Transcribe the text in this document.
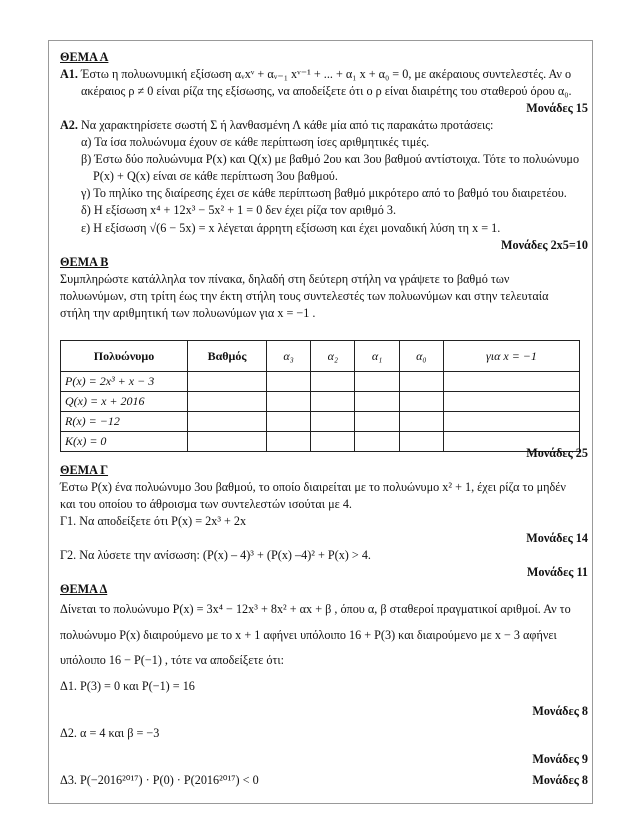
ΘΕΜΑ Α
Α1. Έστω η πολυωνυμική εξίσωση αᵥxᵛ + αᵥ₋₁ xᵛ⁻¹ + ... + α₁ x + α₀ = 0, με ακέραιους συντελεστές. Αν ο
ακέραιος ρ ≠ 0 είναι ρίζα της εξίσωσης, να αποδείξετε ότι ο ρ είναι διαιρέτης του σταθερού όρου α₀.
Μονάδες 15
Α2. Να χαρακτηρίσετε σωστή Σ ή λανθασμένη Λ κάθε μία από τις παρακάτω προτάσεις:
α) Τα ίσα πολυώνυμα έχουν σε κάθε περίπτωση ίσες αριθμητικές τιμές.
β) Έστω δύο πολυώνυμα P(x) και Q(x) με βαθμό 2ου και 3ου βαθμού αντίστοιχα. Τότε το πολυώνυμο
P(x) + Q(x) είναι σε κάθε περίπτωση 3ου βαθμού.
γ) Το πηλίκο της διαίρεσης έχει σε κάθε περίπτωση βαθμό μικρότερο από το βαθμό του διαιρετέου.
δ) Η εξίσωση x⁴ + 12x³ − 5x² + 1 = 0 δεν έχει ρίζα τον αριθμό 3.
ε) Η εξίσωση √(6 − 5x) = x λέγεται άρρητη εξίσωση και έχει μοναδική λύση τη x = 1.
Μονάδες 2x5=10
ΘΕΜΑ Β
Συμπληρώστε κατάλληλα τον πίνακα, δηλαδή στη δεύτερη στήλη να γράψετε το βαθμό των
πολυωνύμων, στη τρίτη έως την έκτη στήλη τους συντελεστές των πολυωνύμων και στην τελευταία
στήλη την αριθμητική των πολυωνύμων για x = −1 .
Πολυώνυμο	Βαθμός	α₃	α₂	α₁	α₀	για x = −1
P(x) = 2x³ + x − 3						
Q(x) = x + 2016						
R(x) = −12						
K(x) = 0						
Μονάδες 25
ΘΕΜΑ Γ
Έστω P(x) ένα πολυώνυμο 3ου βαθμού, το οποίο διαιρείται με το πολυώνυμο x² + 1, έχει ρίζα το μηδέν
και του οποίου το άθροισμα των συντελεστών ισούται με 4.
Γ1. Να αποδείξετε ότι P(x) = 2x³ + 2x
Μονάδες 14
Γ2. Να λύσετε την ανίσωση: (P(x) – 4)³ + (P(x) –4)² + P(x) > 4.
Μονάδες 11
ΘΕΜΑ Δ
Δίνεται το πολυώνυμο P(x) = 3x⁴ − 12x³ + 8x² + αx + β , όπου α, β σταθεροί πραγματικοί αριθμοί. Αν το
πολυώνυμο P(x) διαιρούμενο με το x + 1 αφήνει υπόλοιπο 16 + P(3) και διαιρούμενο με x − 3 αφήνει
υπόλοιπο 16 − P(−1) , τότε να αποδείξετε ότι:
Δ1. P(3) = 0 και P(−1) = 16
Μονάδες 8
Δ2. α = 4 και β = −3
Μονάδες 9
Δ3. P(−2016²⁰¹⁷) · P(0) · P(2016²⁰¹⁷) < 0	Μονάδες 8
